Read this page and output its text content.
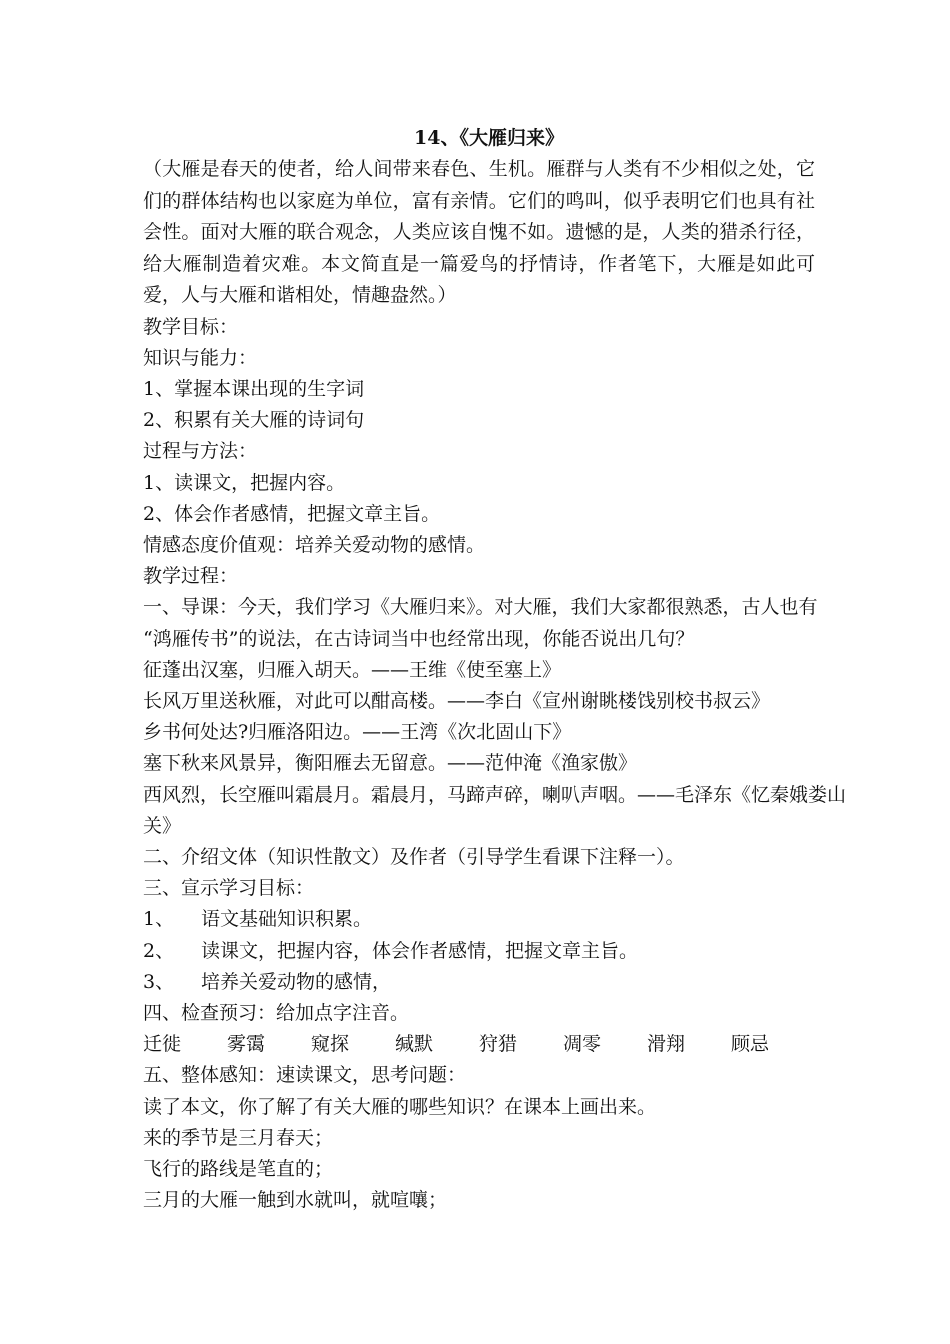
14、《大雁归来》
（大雁是春天的使者，给人间带来春色、生机。雁群与人类有不少相似之处，它们的群体结构也以家庭为单位，富有亲情。它们的鸣叫，似乎表明它们也具有社会性。面对大雁的联合观念，人类应该自愧不如。遗憾的是，人类的猎杀行径，给大雁制造着灾难。本文简直是一篇爱鸟的抒情诗，作者笔下，大雁是如此可爱，人与大雁和谐相处，情趣盎然。）
教学目标：
知识与能力：
1、掌握本课出现的生字词
2、积累有关大雁的诗词句
过程与方法：
1、读课文，把握内容。
2、体会作者感情，把握文章主旨。
情感态度价值观：培养关爱动物的感情。
教学过程：
一、导课：今天，我们学习《大雁归来》。对大雁，我们大家都很熟悉，古人也有
“鸿雁传书”的说法，在古诗词当中也经常出现，你能否说出几句？
征蓬出汉塞，归雁入胡天。——王维《使至塞上》
长风万里送秋雁，对此可以酣高楼。——李白《宣州谢眺楼饯别校书叔云》
乡书何处达?归雁洛阳边。——王湾《次北固山下》
塞下秋来风景异，衡阳雁去无留意。——范仲淹《渔家傲》
西风烈，长空雁叫霜晨月。霜晨月，马蹄声碎，喇叭声咽。——毛泽东《忆秦娥娄山
关》
二、介绍文体（知识性散文）及作者（引导学生看课下注释一）。
三、宣示学习目标：
1、 语文基础知识积累。
2、 读课文，把握内容，体会作者感情，把握文章主旨。
3、 培养关爱动物的感情，
四、检查预习：给加点字注音。
迁徙	雾霭	窥探	缄默	狩猎	凋零	滑翔	顾忌
五、整体感知：速读课文，思考问题：
读了本文，你了解了有关大雁的哪些知识？在课本上画出来。
来的季节是三月春天；
飞行的路线是笔直的；
三月的大雁一触到水就叫，就喧嚷；
